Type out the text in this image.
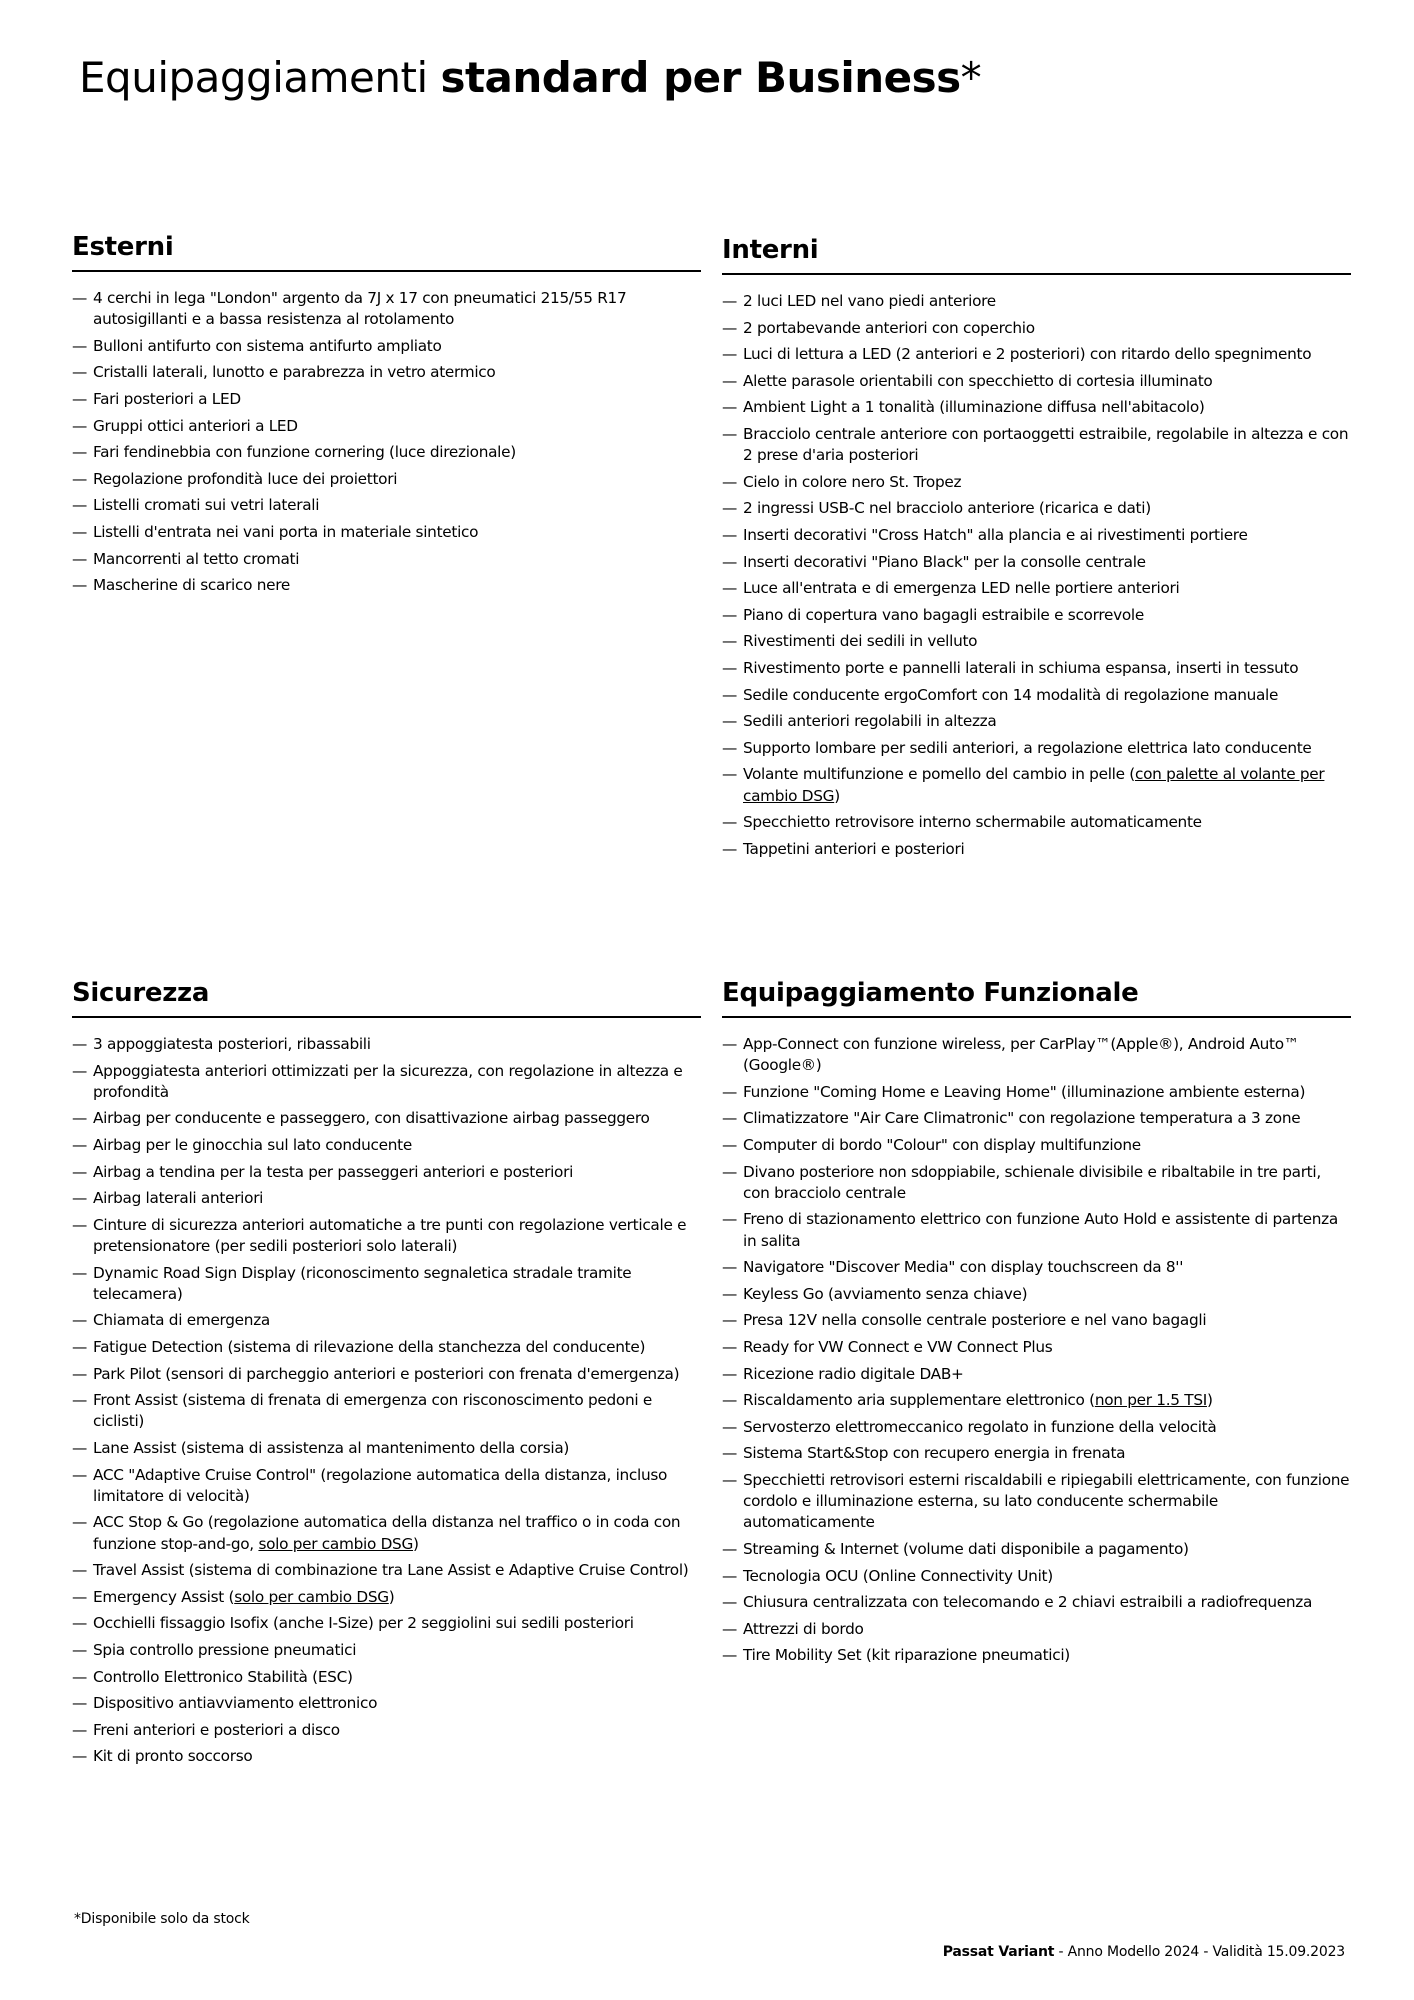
Equipaggiamenti standard per Business*
Esterni
— 4 cerchi in lega "London" argento da 7J x 17 con pneumatici 215/55 R17 autosigillanti e a bassa resistenza al rotolamento
— Bulloni antifurto con sistema antifurto ampliato
— Cristalli laterali, lunotto e parabrezza in vetro atermico
— Fari posteriori a LED
— Gruppi ottici anteriori a LED
— Fari fendinebbia con funzione cornering (luce direzionale)
— Regolazione profondità luce dei proiettori
— Listelli cromati sui vetri laterali
— Listelli d'entrata nei vani porta in materiale sintetico
— Mancorrenti al tetto cromati
— Mascherine di scarico nere
Interni
— 2 luci LED nel vano piedi anteriore
— 2 portabevande anteriori con coperchio
— Luci di lettura a LED (2 anteriori e 2 posteriori) con ritardo dello spegnimento
— Alette parasole orientabili con specchietto di cortesia illuminato
— Ambient Light a 1 tonalità (illuminazione diffusa nell'abitacolo)
— Bracciolo centrale anteriore con portaoggetti estraibile, regolabile in altezza e con 2 prese d'aria posteriori
— Cielo in colore nero St. Tropez
— 2 ingressi USB-C nel bracciolo anteriore (ricarica e dati)
— Inserti decorativi "Cross Hatch" alla plancia e ai rivestimenti portiere
— Inserti decorativi "Piano Black" per la consolle centrale
— Luce all'entrata e di emergenza LED nelle portiere anteriori
— Piano di copertura vano bagagli estraibile e scorrevole
— Rivestimenti dei sedili in velluto
— Rivestimento porte e pannelli laterali in schiuma espansa, inserti in tessuto
— Sedile conducente ergoComfort con 14 modalità di regolazione manuale
— Sedili anteriori regolabili in altezza
— Supporto lombare per sedili anteriori, a regolazione elettrica lato conducente
— Volante multifunzione e pomello del cambio in pelle (con palette al volante per cambio DSG)
— Specchietto retrovisore interno schermabile automaticamente
— Tappetini anteriori e posteriori
Sicurezza
— 3 appoggiatesta posteriori, ribassabili
— Appoggiatesta anteriori ottimizzati per la sicurezza, con regolazione in altezza e profondità
— Airbag per conducente e passeggero, con disattivazione airbag passeggero
— Airbag per le ginocchia sul lato conducente
— Airbag a tendina per la testa per passeggeri anteriori e posteriori
— Airbag laterali anteriori
— Cinture di sicurezza anteriori automatiche a tre punti con regolazione verticale e pretensionatore (per sedili posteriori solo laterali)
— Dynamic Road Sign Display (riconoscimento segnaletica stradale tramite telecamera)
— Chiamata di emergenza
— Fatigue Detection (sistema di rilevazione della stanchezza del conducente)
— Park Pilot (sensori di parcheggio anteriori e posteriori con frenata d'emergenza)
— Front Assist (sistema di frenata di emergenza con risconoscimento pedoni e ciclisti)
— Lane Assist (sistema di assistenza al mantenimento della corsia)
— ACC "Adaptive Cruise Control" (regolazione automatica della distanza, incluso limitatore di velocità)
— ACC Stop & Go (regolazione automatica della distanza nel traffico o in coda con funzione stop-and-go, solo per cambio DSG)
— Travel Assist (sistema di combinazione tra Lane Assist e Adaptive Cruise Control)
— Emergency Assist (solo per cambio DSG)
— Occhielli fissaggio Isofix (anche I-Size) per 2 seggiolini sui sedili posteriori
— Spia controllo pressione pneumatici
— Controllo Elettronico Stabilità (ESC)
— Dispositivo antiavviamento elettronico
— Freni anteriori e posteriori a disco
— Kit di pronto soccorso
Equipaggiamento Funzionale
— App-Connect con funzione wireless, per CarPlay™(Apple®), Android Auto™ (Google®)
— Funzione "Coming Home e Leaving Home" (illuminazione ambiente esterna)
— Climatizzatore "Air Care Climatronic" con regolazione temperatura a 3 zone
— Computer di bordo "Colour" con display multifunzione
— Divano posteriore non sdoppiabile, schienale divisibile e ribaltabile in tre parti, con bracciolo centrale
— Freno di stazionamento elettrico con funzione Auto Hold e assistente di partenza in salita
— Navigatore "Discover Media" con display touchscreen da 8''
— Keyless Go (avviamento senza chiave)
— Presa 12V nella consolle centrale posteriore e nel vano bagagli
— Ready for VW Connect e VW Connect Plus
— Ricezione radio digitale DAB+
— Riscaldamento aria supplementare elettronico (non per 1.5 TSI)
— Servosterzo elettromeccanico regolato in funzione della velocità
— Sistema Start&Stop con recupero energia in frenata
— Specchietti retrovisori esterni riscaldabili e ripiegabili elettricamente, con funzione cordolo e illuminazione esterna, su lato conducente schermabile automaticamente
— Streaming & Internet (volume dati disponibile a pagamento)
— Tecnologia OCU (Online Connectivity Unit)
— Chiusura centralizzata con telecomando e 2 chiavi estraibili a radiofrequenza
— Attrezzi di bordo
— Tire Mobility Set (kit riparazione pneumatici)
*Disponibile solo da stock
Passat Variant - Anno Modello 2024 - Validità 15.09.2023
